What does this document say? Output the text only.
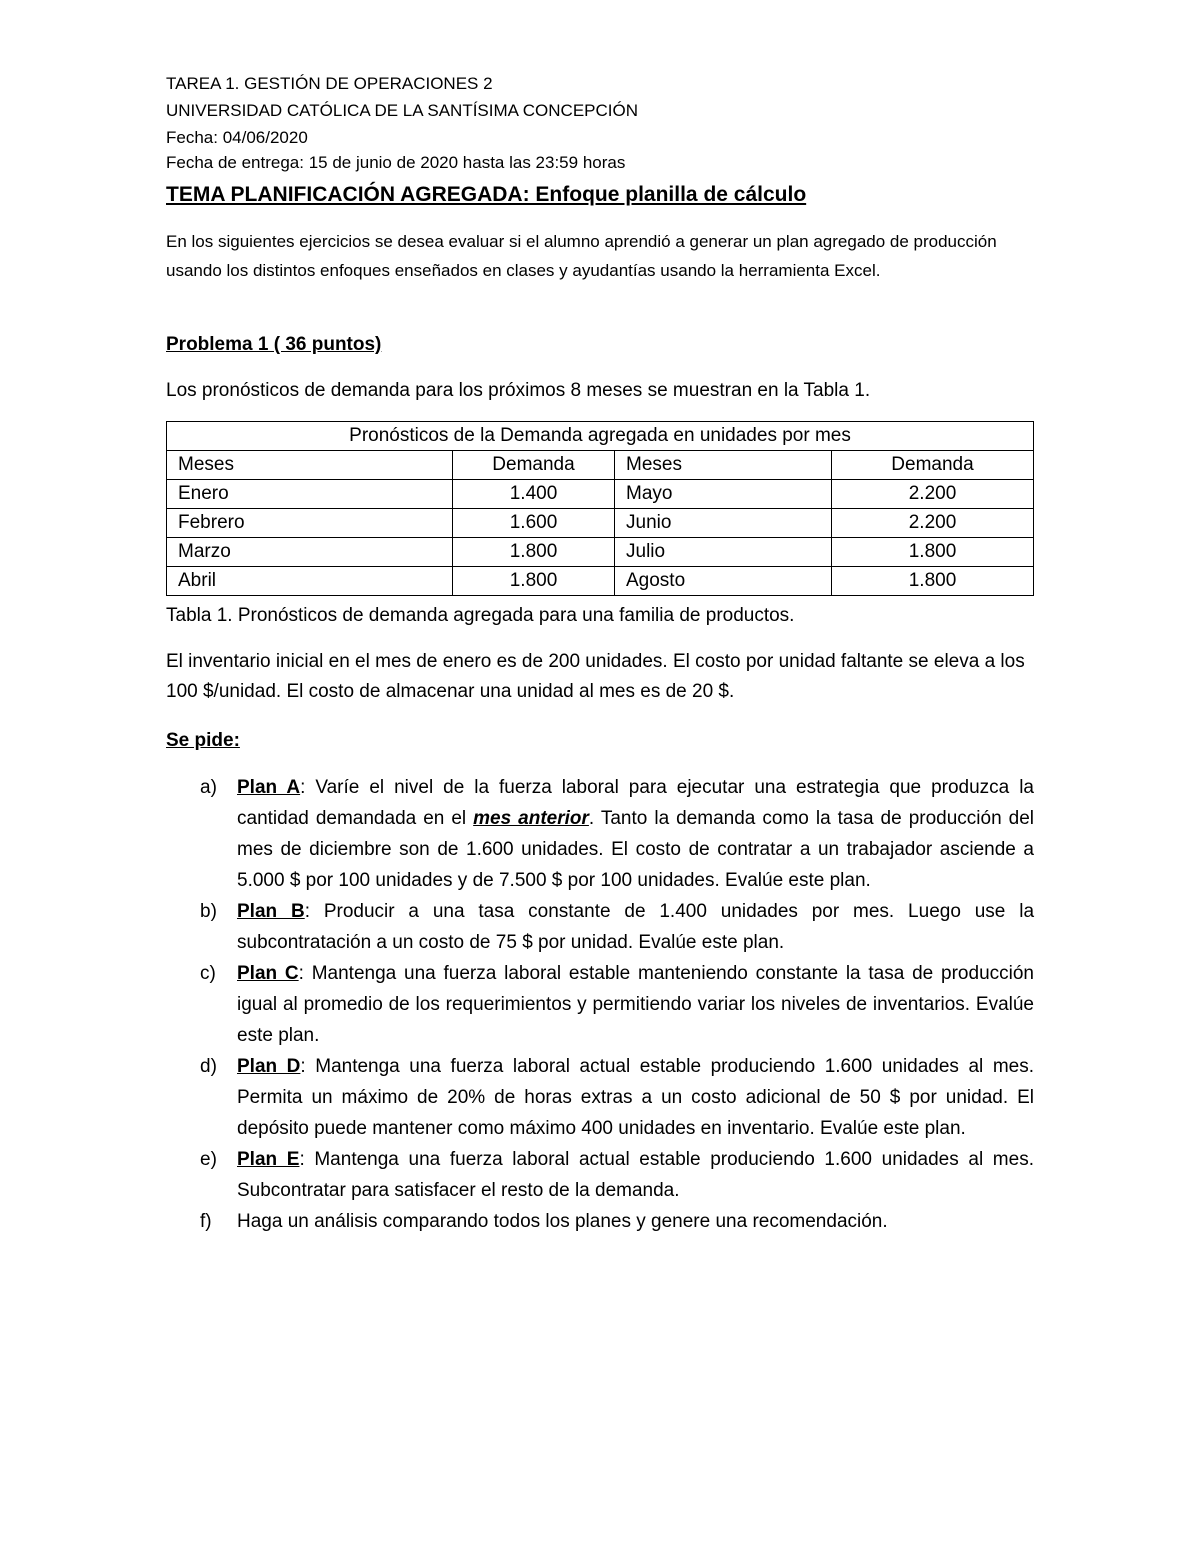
TAREA 1. GESTIÓN DE OPERACIONES 2
UNIVERSIDAD CATÓLICA DE LA SANTÍSIMA CONCEPCIÓN
Fecha: 04/06/2020
Fecha de entrega: 15 de junio de 2020 hasta las 23:59 horas
TEMA PLANIFICACIÓN AGREGADA: Enfoque planilla de cálculo
En los siguientes ejercicios se desea evaluar si el alumno aprendió a generar un plan agregado de producción usando los distintos enfoques enseñados en clases y ayudantías usando la herramienta Excel.
Problema 1 ( 36 puntos)
Los pronósticos de demanda para los próximos 8 meses se muestran en la Tabla 1.
Pronósticos de la Demanda agregada en unidades por mes			
Meses	Demanda	Meses	Demanda
Enero	1.400	Mayo	2.200
Febrero	1.600	Junio	2.200
Marzo	1.800	Julio	1.800
Abril	1.800	Agosto	1.800
Tabla 1. Pronósticos de demanda agregada para una familia de productos.
El inventario inicial en el mes de enero es de 200 unidades. El costo por unidad faltante se eleva a los 100 $/unidad. El costo de almacenar una unidad al mes es de 20 $.
Se pide:
a) Plan A: Varíe el nivel de la fuerza laboral para ejecutar una estrategia que produzca la cantidad demandada en el mes anterior. Tanto la demanda como la tasa de producción del mes de diciembre son de 1.600 unidades. El costo de contratar a un trabajador asciende a 5.000 $ por 100 unidades y de 7.500 $ por 100 unidades. Evalúe este plan.
b) Plan B: Producir a una tasa constante de 1.400 unidades por mes. Luego use la subcontratación a un costo de 75 $ por unidad. Evalúe este plan.
c) Plan C: Mantenga una fuerza laboral estable manteniendo constante la tasa de producción igual al promedio de los requerimientos y permitiendo variar los niveles de inventarios. Evalúe este plan.
d) Plan D: Mantenga una fuerza laboral actual estable produciendo 1.600 unidades al mes. Permita un máximo de 20% de horas extras a un costo adicional de 50 $ por unidad. El depósito puede mantener como máximo 400 unidades en inventario. Evalúe este plan.
e) Plan E: Mantenga una fuerza laboral actual estable produciendo 1.600 unidades al mes. Subcontratar para satisfacer el resto de la demanda.
f) Haga un análisis comparando todos los planes y genere una recomendación.
